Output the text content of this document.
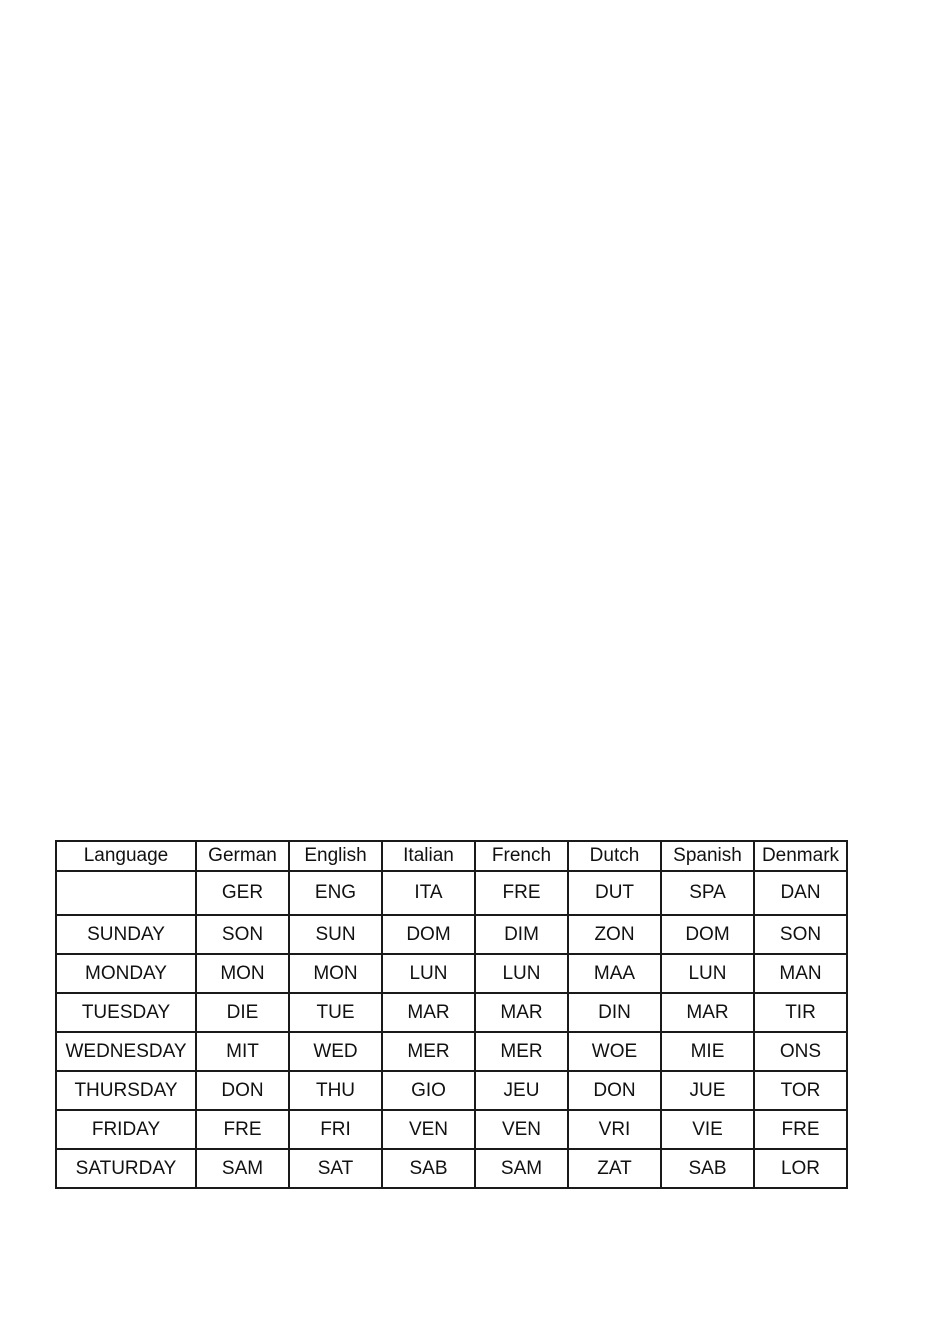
Language	German	English	Italian	French	Dutch	Spanish	Denmark
	GER	ENG	ITA	FRE	DUT	SPA	DAN
SUNDAY	SON	SUN	DOM	DIM	ZON	DOM	SON
MONDAY	MON	MON	LUN	LUN	MAA	LUN	MAN
TUESDAY	DIE	TUE	MAR	MAR	DIN	MAR	TIR
WEDNESDAY	MIT	WED	MER	MER	WOE	MIE	ONS
THURSDAY	DON	THU	GIO	JEU	DON	JUE	TOR
FRIDAY	FRE	FRI	VEN	VEN	VRI	VIE	FRE
SATURDAY	SAM	SAT	SAB	SAM	ZAT	SAB	LOR
